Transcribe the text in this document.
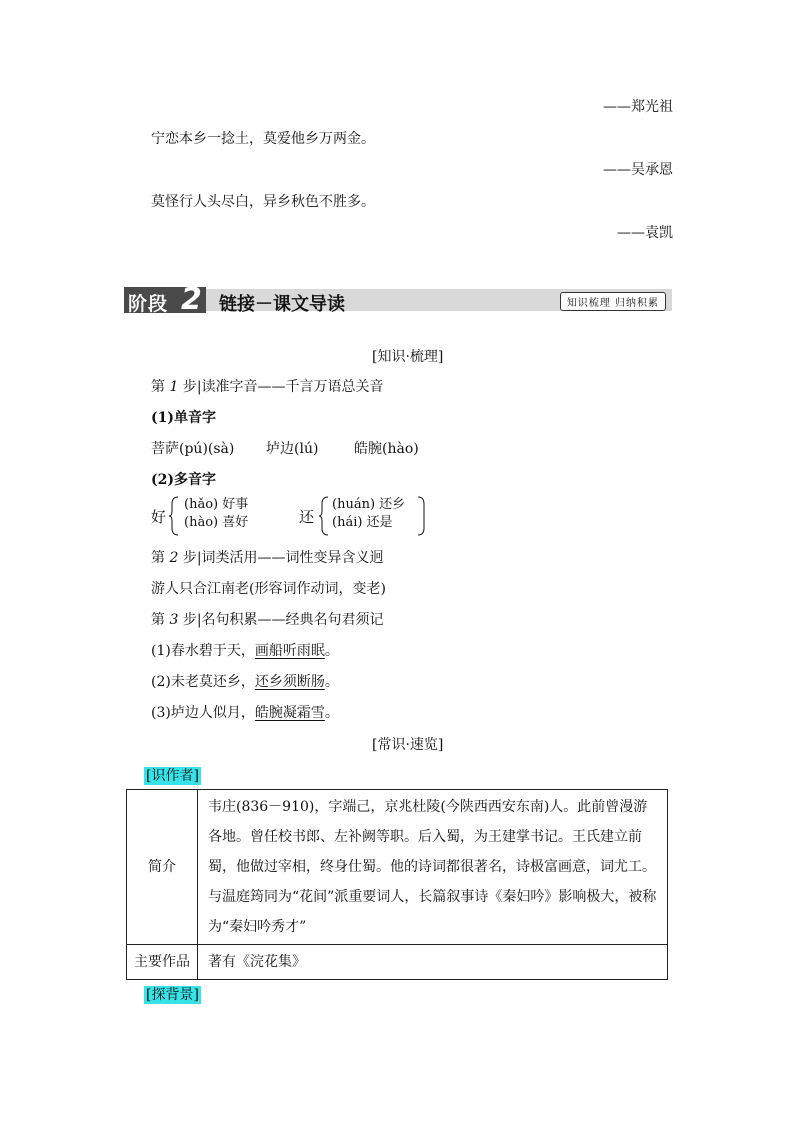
——郑光祖
宁恋本乡一捻土，莫爱他乡万两金。
——吴承恩
莫怪行人头尽白，异乡秋色不胜多。
——袁凯
阶段 2 链接－课文导读	知识梳理 归纳积累
[知识·梳理]
第 1 步|读准字音——千言万语总关音
(1)单音字
菩萨(pú)(sà) 垆边(lú)	皓腕(hào)
(2)多音字
好
(hǎo) 好事
(hào) 喜好	还
(huán) 还乡
(hái) 还是
第 2 步|词类活用——词性变异含义迥
游人只合江南老(形容词作动词，变老)
第 3 步|名句积累——经典名句君须记
(1)春水碧于天，画船听雨眠。
(2)未老莫还乡，还乡须断肠。
(3)垆边人似月，皓腕凝霜雪。
[常识·速览]
[识作者]
简介	韦庄(836－910)，字端己，京兆杜陵(今陕西西安东南)人。此前曾漫游各地。曾任校书郎、左补阙等职。后入蜀，为王建掌书记。王氏建立前蜀，他做过宰相，终身仕蜀。他的诗词都很著名，诗极富画意，词尤工。与温庭筠同为“花间”派重要词人，长篇叙事诗《秦妇吟》影响极大，被称为“秦妇吟秀才”
主要作品	著有《浣花集》
[探背景]
